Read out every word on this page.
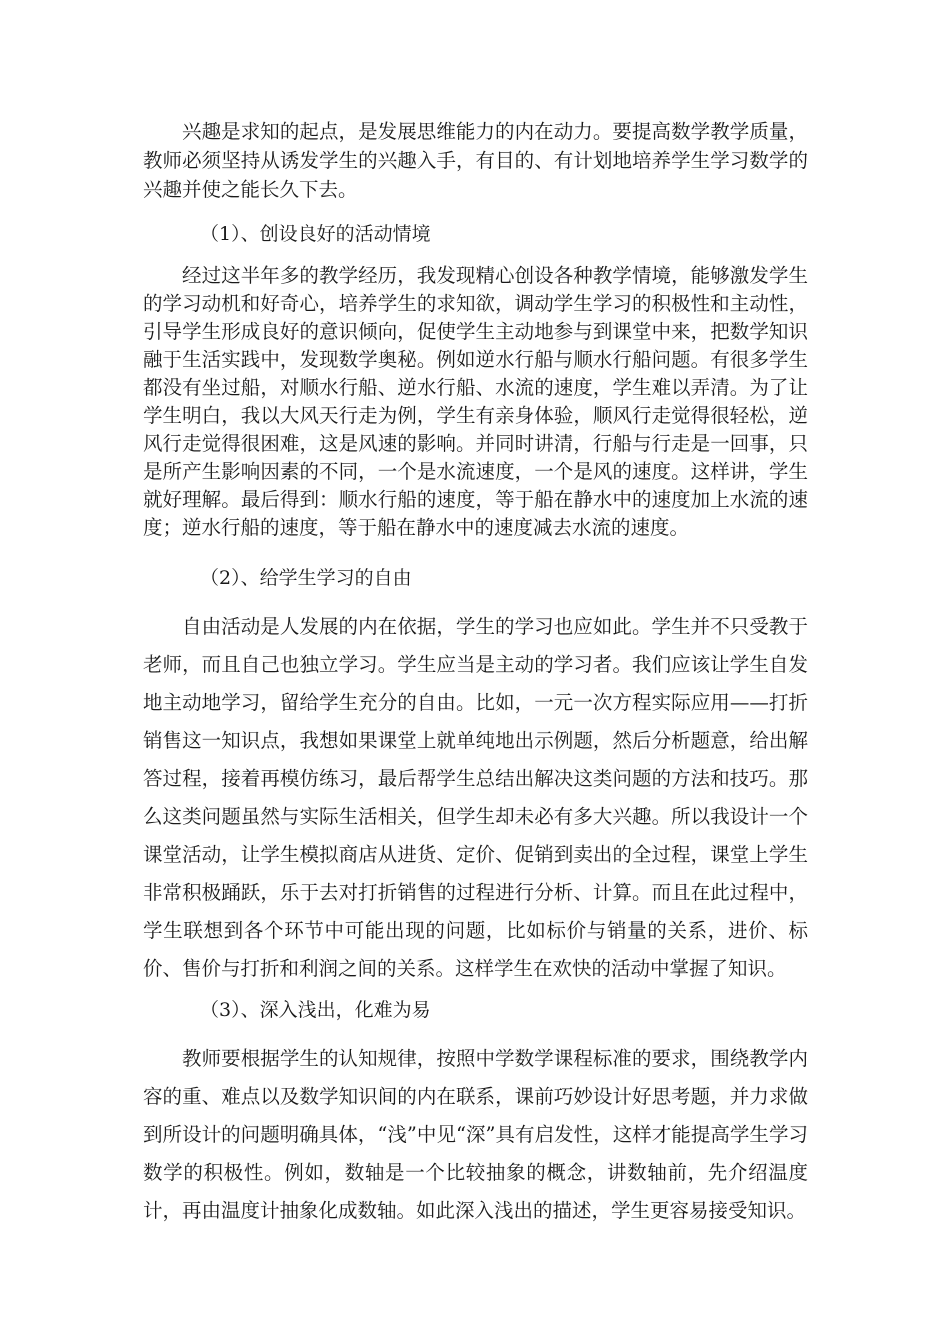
兴趣是求知的起点，是发展思维能力的内在动力。要提高数学教学质量，教师必须坚持从诱发学生的兴趣入手，有目的、有计划地培养学生学习数学的兴趣并使之能长久下去。

（1）、创设良好的活动情境

经过这半年多的教学经历，我发现精心创设各种教学情境，能够激发学生的学习动机和好奇心，培养学生的求知欲，调动学生学习的积极性和主动性，引导学生形成良好的意识倾向，促使学生主动地参与到课堂中来，把数学知识融于生活实践中，发现数学奥秘。例如逆水行船与顺水行船问题。有很多学生都没有坐过船，对顺水行船、逆水行船、水流的速度，学生难以弄清。为了让学生明白，我以大风天行走为例，学生有亲身体验，顺风行走觉得很轻松，逆风行走觉得很困难，这是风速的影响。并同时讲清，行船与行走是一回事，只是所产生影响因素的不同，一个是水流速度，一个是风的速度。这样讲，学生就好理解。最后得到：顺水行船的速度，等于船在静水中的速度加上水流的速度；逆水行船的速度，等于船在静水中的速度减去水流的速度。

（2）、给学生学习的自由

自由活动是人发展的内在依据，学生的学习也应如此。学生并不只受教于老师，而且自己也独立学习。学生应当是主动的学习者。我们应该让学生自发地主动地学习，留给学生充分的自由。比如，一元一次方程实际应用——打折销售这一知识点，我想如果课堂上就单纯地出示例题，然后分析题意，给出解答过程，接着再模仿练习，最后帮学生总结出解决这类问题的方法和技巧。那么这类问题虽然与实际生活相关，但学生却未必有多大兴趣。所以我设计一个课堂活动，让学生模拟商店从进货、定价、促销到卖出的全过程，课堂上学生非常积极踊跃，乐于去对打折销售的过程进行分析、计算。而且在此过程中，学生联想到各个环节中可能出现的问题，比如标价与销量的关系，进价、标价、售价与打折和利润之间的关系。这样学生在欢快的活动中掌握了知识。

（3）、深入浅出，化难为易

教师要根据学生的认知规律，按照中学数学课程标准的要求，围绕教学内容的重、难点以及数学知识间的内在联系，课前巧妙设计好思考题，并力求做到所设计的问题明确具体，“浅”中见“深”具有启发性，这样才能提高学生学习数学的积极性。例如，数轴是一个比较抽象的概念，讲数轴前，先介绍温度计，再由温度计抽象化成数轴。如此深入浅出的描述，学生更容易接受知识。
